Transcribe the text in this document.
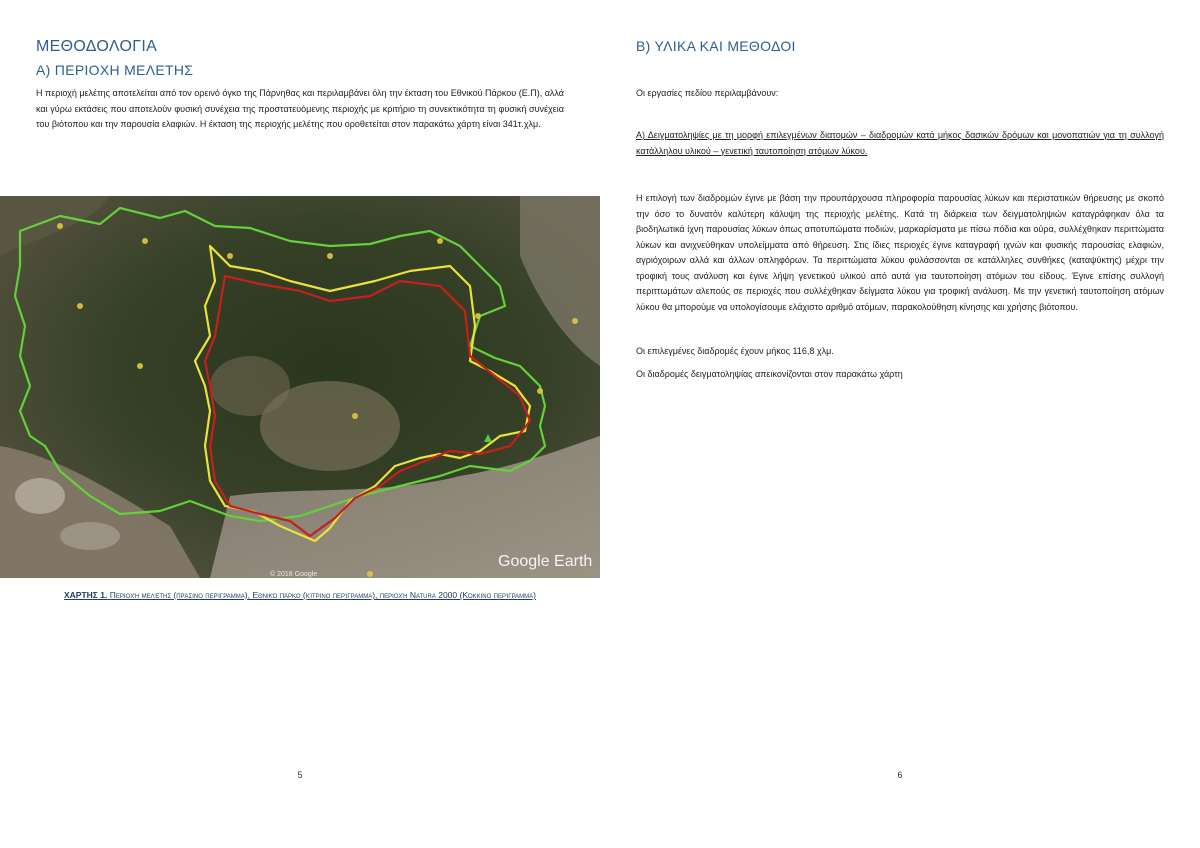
ΜΕΘΟΔΟΛΟΓΙΑ
Α) ΠΕΡΙΟΧΗ ΜΕΛΕΤΗΣ

Η περιοχή μελέτης αποτελείται από τον ορεινό όγκο της Πάρνηθας και περιλαμβάνει όλη την έκταση του Εθνικού Πάρκου (Ε.Π), αλλά και γύρω εκτάσεις που αποτελούν φυσική συνέχεια της προστατευόμενης περιοχής με κριτήριο τη συνεκτικότητα τη φυσική συνέχεια του βιότοπου και την παρουσία ελαφιών. Η έκταση της περιοχής μελέτης που οροθετείται στον παρακάτω χάρτη είναι 341τ.χλμ.

Google Earth
© 2018 Google
ΧΑΡΤΗΣ 1. Περιοχή μελέτης (πράσινο περίγραμμα), Εθνικό πάρκο (κίτρινο περίγραμμα), περιοχή Natura 2000 (Κόκκινο περίγραμμα)
5
Β) ΥΛΙΚΑ ΚΑΙ ΜΕΘΟΔΟΙ

Οι εργασίες πεδίου περιλαμβάνουν:

Α) Δειγματοληψίες με τη μορφή επιλεγμένων διατομών – διαδρομών κατά μήκος δασικών δρόμων και μονοπατιών για τη συλλογή κατάλληλου υλικού – γενετική ταυτοποίηση ατόμων λύκου.

Η επιλογή των διαδρομών έγινε με βάση την προυπάρχουσα πληροφορία παρουσίας λύκων και περιστατικών θήρευσης με σκοπό την όσο το δυνατόν καλύτερη κάλυψη της περιοχής μελέτης. Κατά τη διάρκεια των δειγματοληψιών καταγράφηκαν όλα τα βιοδηλωτικά ίχνη παρουσίας λύκων όπως αποτυπώματα ποδιών, μαρκαρίσματα με πίσω πόδια και ούρα, συλλέχθηκαν περιττώματα λύκων και ανιχνεύθηκαν υπολείμματα από θήρευση. Στις ίδιες περιοχές έγινε καταγραφή ιχνών και φυσικής παρουσίας ελαφιών, αγριόχοιρων αλλά και άλλων οπληφόρων. Τα περιττώματα λύκου φυλάσσονται σε κατάλληλες συνθήκες (καταψύκτης) μέχρι την τροφική τους ανάλυση και έγινε λήψη γενετικού υλικού από αυτά για ταυτοποίηση ατόμων του είδους. Έγινε επίσης συλλογή περιττωμάτων αλεπούς σε περιοχές που συλλέχθηκαν δείγματα λύκου για τροφική ανάλυση. Με την γενετική ταυτοποίηση ατόμων λύκου θα μπορούμε να υπολογίσουμε ελάχιστο αριθμό ατόμων, παρακολούθηση κίνησης και χρήσης βιότοπου.

Οι επιλεγμένες διαδρομές έχουν μήκος 116,8 χλμ.

Οι διαδρομές δειγματοληψίας απεικονίζονται στον παρακάτω χάρτη

6
